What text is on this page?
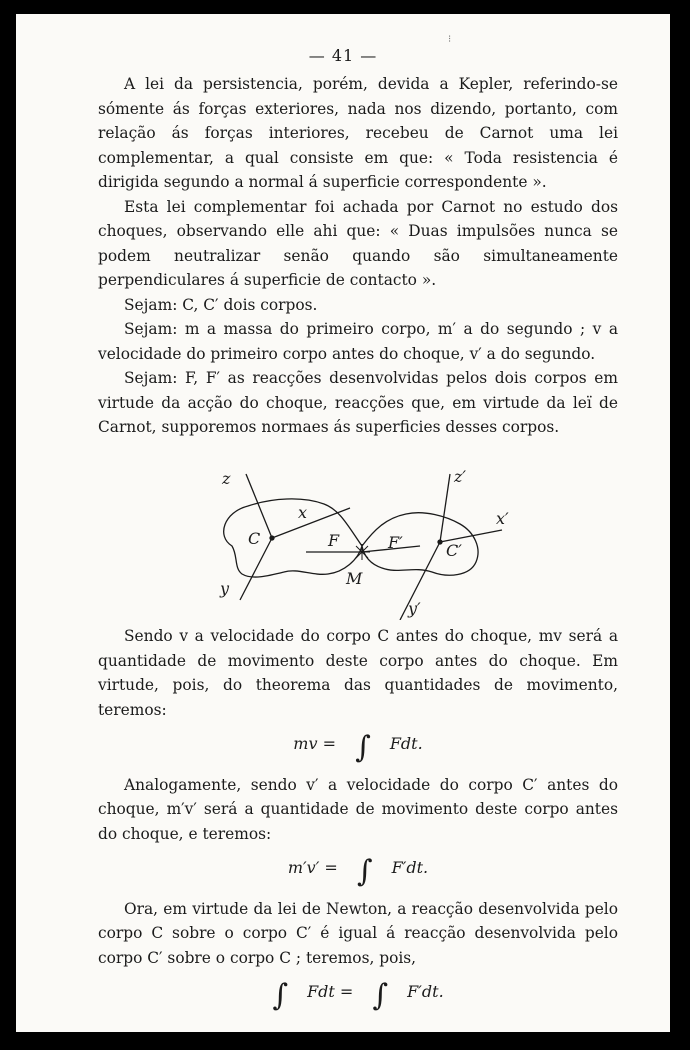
— 41 —
⁝

A lei da persistencia, porém, devida a Kepler, referindo-se sómente ás forças exteriores, nada nos dizendo, portanto, com relação ás forças interiores, recebeu de Carnot uma lei complementar, a qual consiste em que: « Toda resistencia é dirigida segundo a normal á superficie correspondente ».

Esta lei complementar foi achada por Carnot no estudo dos choques, observando elle ahi que: « Duas impulsões nunca se podem neutralizar senão quando são simultaneamente perpendiculares á superficie de contacto ».

Sejam: C, C′ dois corpos.

Sejam: m a massa do primeiro corpo, m′ a do segundo ; v a velocidade do primeiro corpo antes do choque, v′ a do segundo.

Sejam: F, F′ as reacções desenvolvidas pelos dois corpos em virtude da acção do choque, reacções que, em virtude da leï de Carnot, supporemos normaes ás superficies desses corpos.

z
x
C	F
y
M
F′	C′
z′
x′
y′

Sendo v a velocidade do corpo C antes do choque, mv será a quantidade de movimento deste corpo antes do choque. Em virtude, pois, do theorema das quantidades de movimento, teremos:

mv = ∫ Fdt.

Analogamente, sendo v′ a velocidade do corpo C′ antes do choque, m′v′ será a quantidade de movimento deste corpo antes do choque, e teremos:

m′v′ = ∫ F′dt.

Ora, em virtude da lei de Newton, a reacção desenvolvida pelo corpo C sobre o corpo C′ é igual á reacção desenvolvida pelo corpo C′ sobre o corpo C ; teremos, pois,

∫ Fdt = ∫ F′dt.
